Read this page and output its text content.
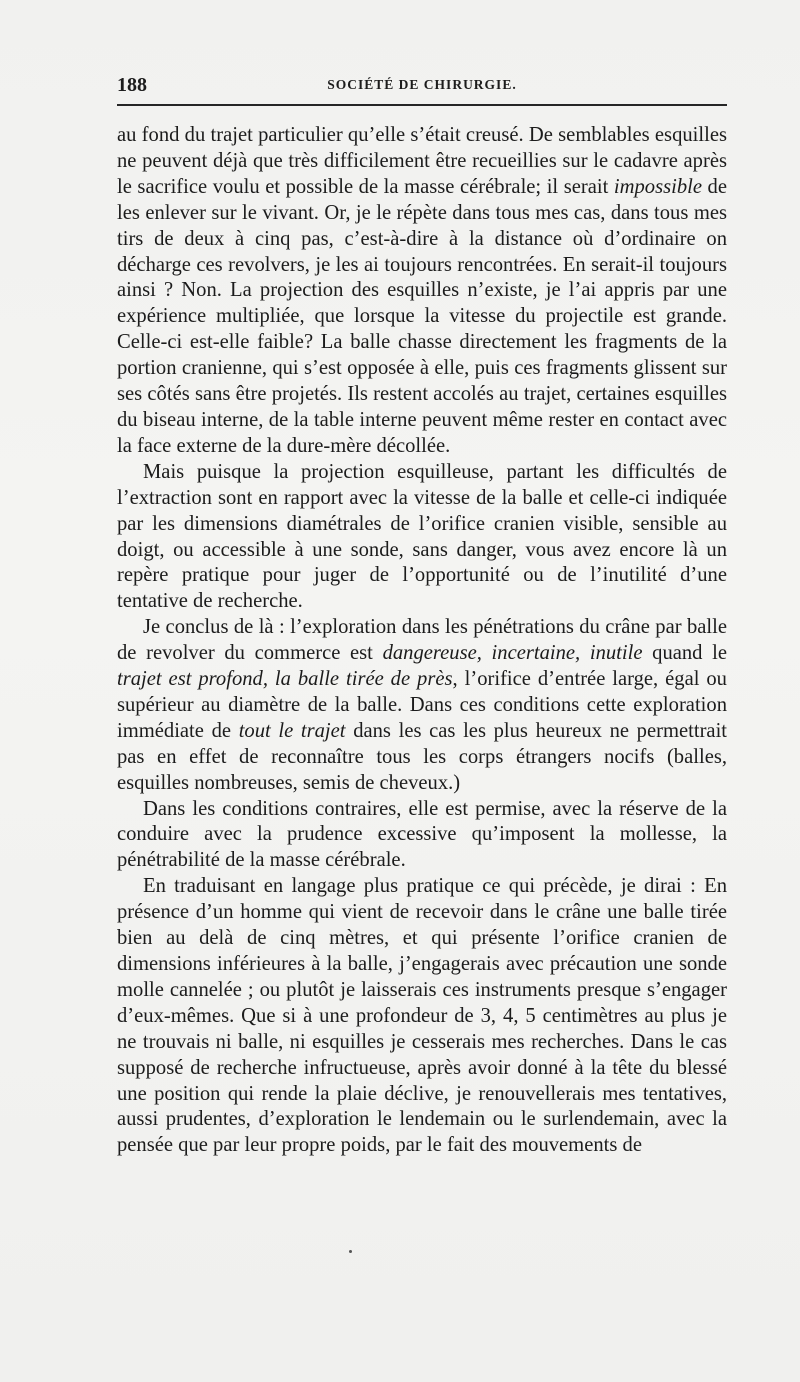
188	SOCIÉTÉ DE CHIRURGIE.

au fond du trajet particulier qu’elle s’était creusé. De semblables esquilles ne peuvent déjà que très difficilement être recueillies sur le cadavre après le sacrifice voulu et possible de la masse cérébrale; il serait impossible de les enlever sur le vivant. Or, je le répète dans tous mes cas, dans tous mes tirs de deux à cinq pas, c’est-à-dire à la distance où d’ordinaire on décharge ces revolvers, je les ai toujours rencontrées. En serait-il toujours ainsi ? Non. La projection des esquilles n’existe, je l’ai appris par une expérience multipliée, que lorsque la vitesse du projectile est grande. Celle-ci est-elle faible? La balle chasse directement les fragments de la portion cranienne, qui s’est opposée à elle, puis ces fragments glissent sur ses côtés sans être projetés. Ils restent accolés au trajet, certaines esquilles du biseau interne, de la table interne peuvent même rester en contact avec la face externe de la dure-mère décollée.

Mais puisque la projection esquilleuse, partant les difficultés de l’extraction sont en rapport avec la vitesse de la balle et celle-ci indiquée par les dimensions diamétrales de l’orifice cranien visible, sensible au doigt, ou accessible à une sonde, sans danger, vous avez encore là un repère pratique pour juger de l’opportunité ou de l’inutilité d’une tentative de recherche.

Je conclus de là : l’exploration dans les pénétrations du crâne par balle de revolver du commerce est dangereuse, incertaine, inutile quand le trajet est profond, la balle tirée de près, l’orifice d’entrée large, égal ou supérieur au diamètre de la balle. Dans ces conditions cette exploration immédiate de tout le trajet dans les cas les plus heureux ne permettrait pas en effet de reconnaître tous les corps étrangers nocifs (balles, esquilles nombreuses, semis de cheveux.)

Dans les conditions contraires, elle est permise, avec la réserve de la conduire avec la prudence excessive qu’imposent la mollesse, la pénétrabilité de la masse cérébrale.

En traduisant en langage plus pratique ce qui précède, je dirai : En présence d’un homme qui vient de recevoir dans le crâne une balle tirée bien au delà de cinq mètres, et qui présente l’orifice cranien de dimensions inférieures à la balle, j’engagerais avec précaution une sonde molle cannelée ; ou plutôt je laisserais ces instruments presque s’engager d’eux-mêmes. Que si à une profondeur de 3, 4, 5 centimètres au plus je ne trouvais ni balle, ni esquilles je cesserais mes recherches. Dans le cas supposé de recherche infructueuse, après avoir donné à la tête du blessé une position qui rende la plaie déclive, je renouvellerais mes tentatives, aussi prudentes, d’exploration le lendemain ou le surlendemain, avec la pensée que par leur propre poids, par le fait des mouvements de
